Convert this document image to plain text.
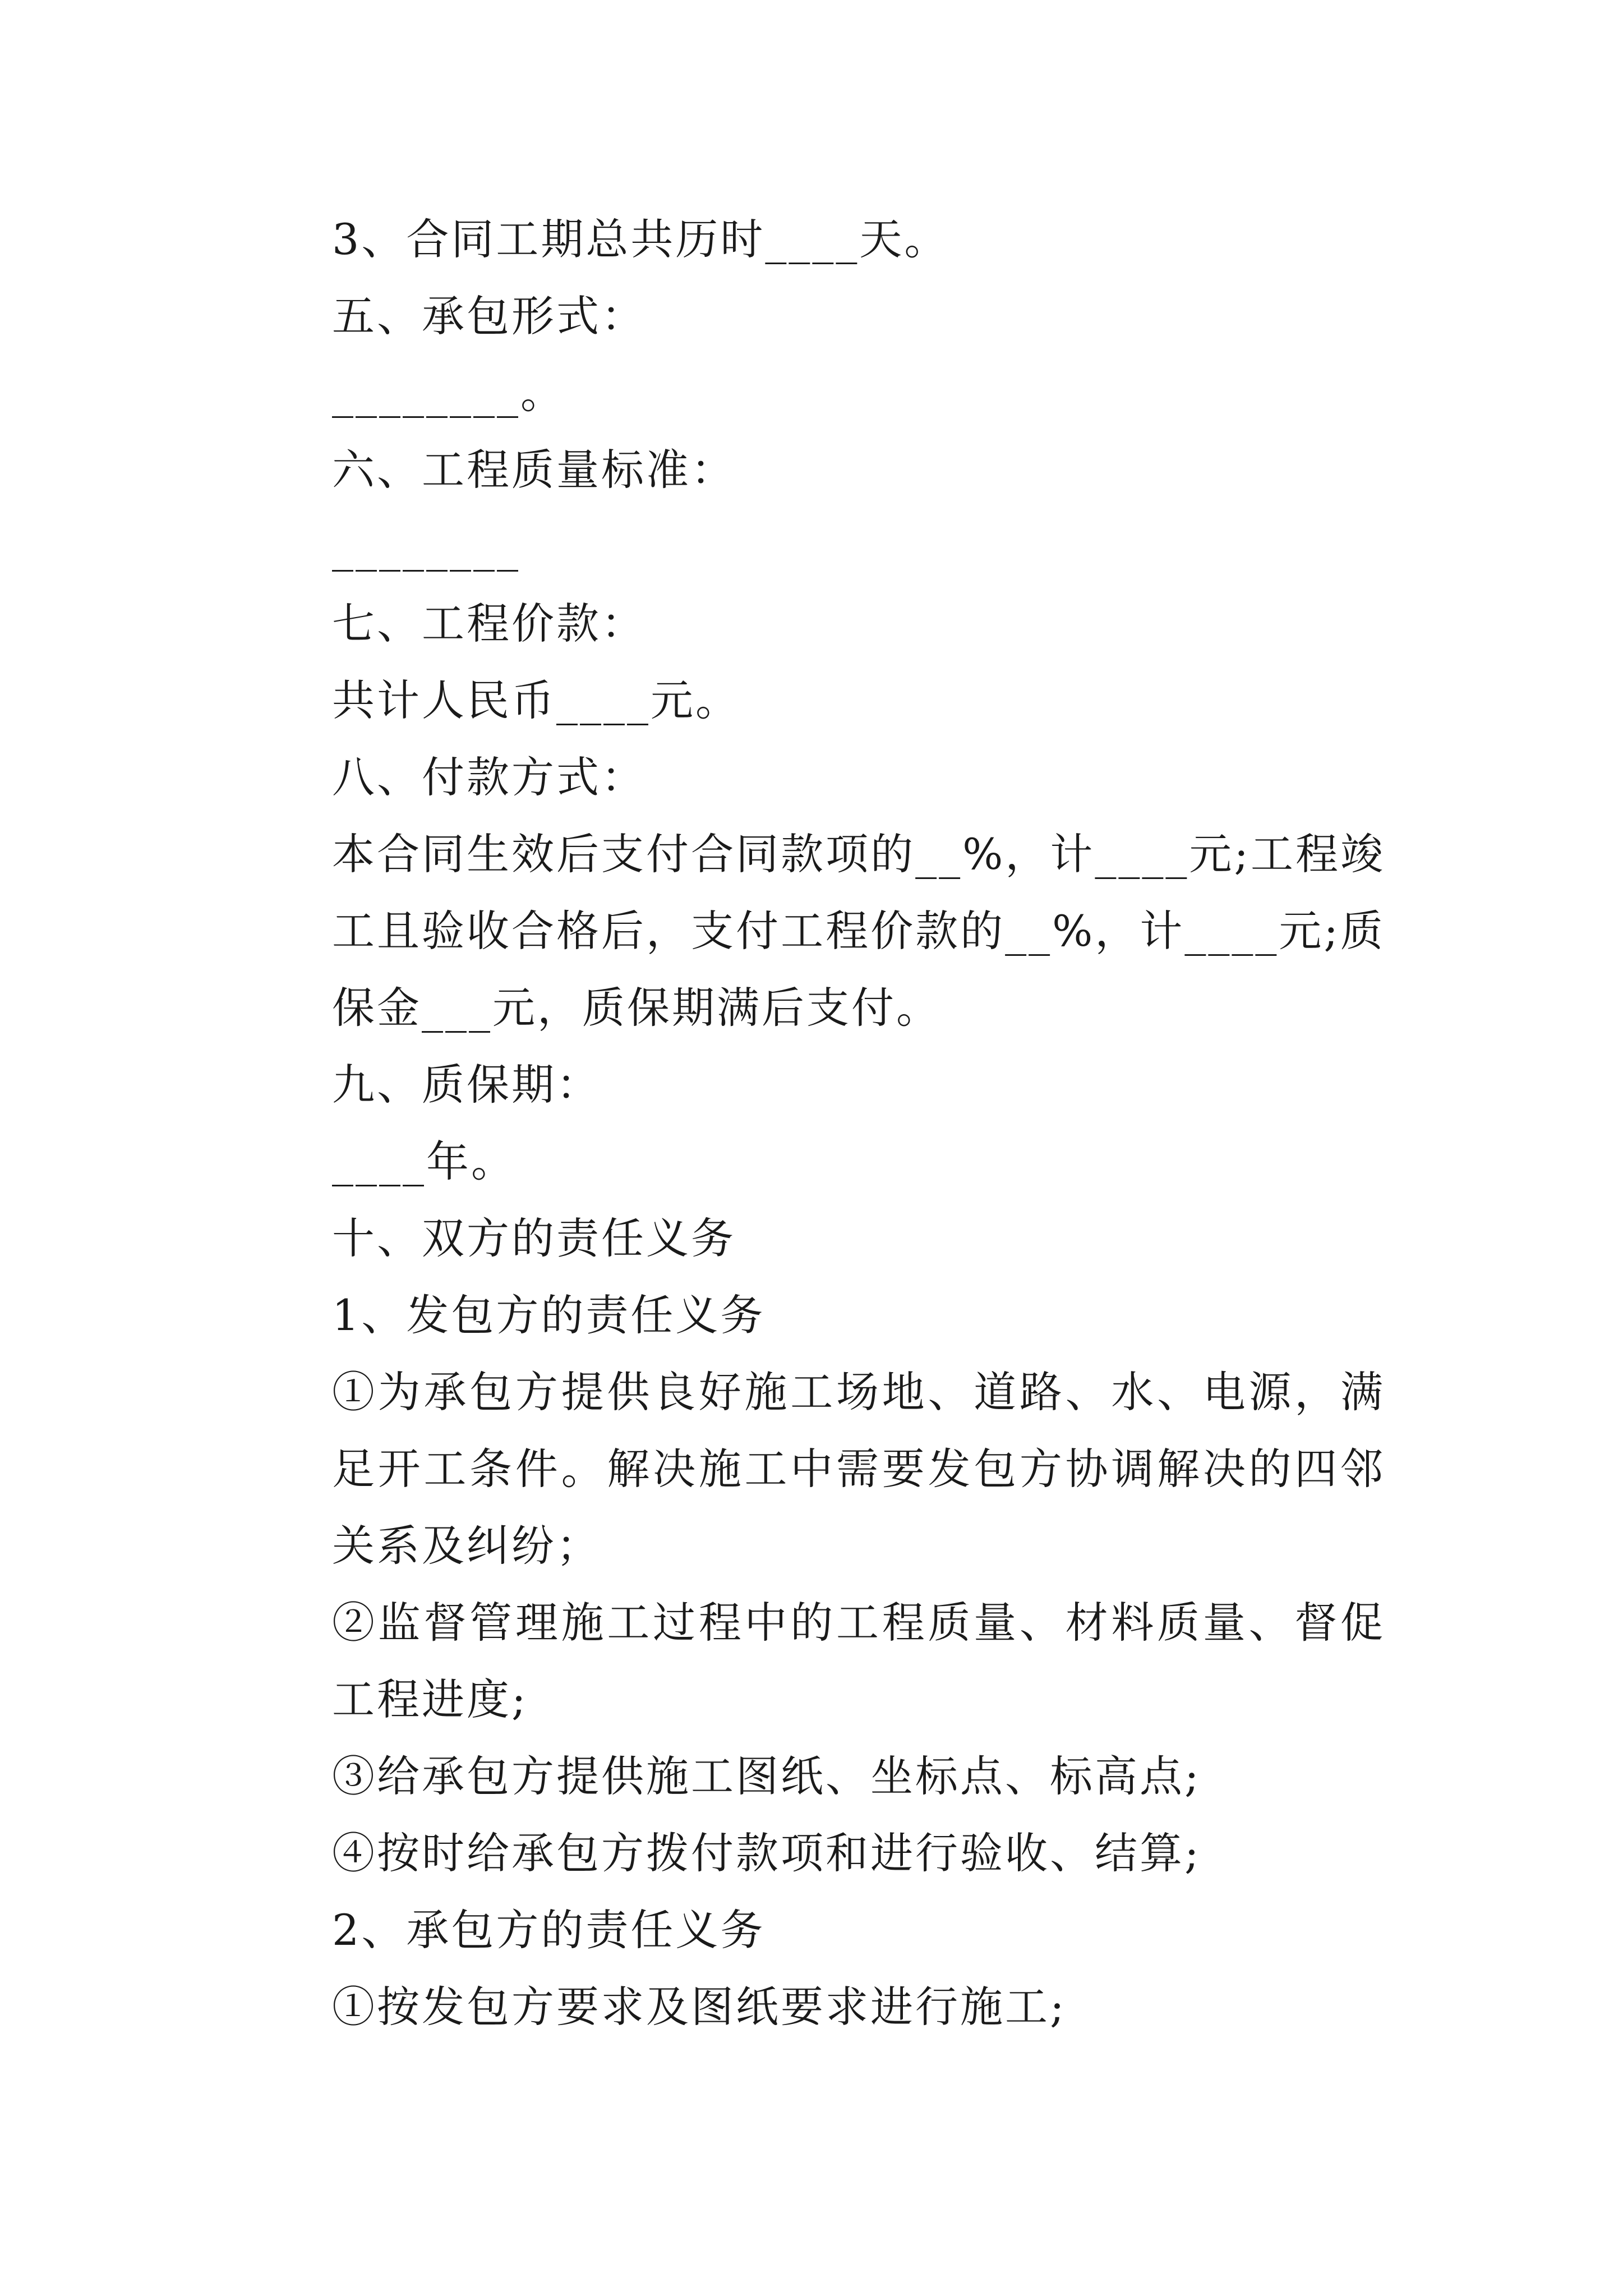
3、合同工期总共历时____天。
五、承包形式：
________。
六、工程质量标准：
________
七、工程价款：
共计人民币____元。
八、付款方式：
本合同生效后支付合同款项的__%，计____元;工程竣工且验收合格后，支付工程价款的__%，计____元;质保金___元，质保期满后支付。
九、质保期：
____年。
十、双方的责任义务
1、发包方的责任义务
①为承包方提供良好施工场地、道路、水、电源，满足开工条件。解决施工中需要发包方协调解决的四邻关系及纠纷；
②监督管理施工过程中的工程质量、材料质量、督促工程进度;
③给承包方提供施工图纸、坐标点、标高点;
④按时给承包方拨付款项和进行验收、结算;
2、承包方的责任义务
①按发包方要求及图纸要求进行施工;
